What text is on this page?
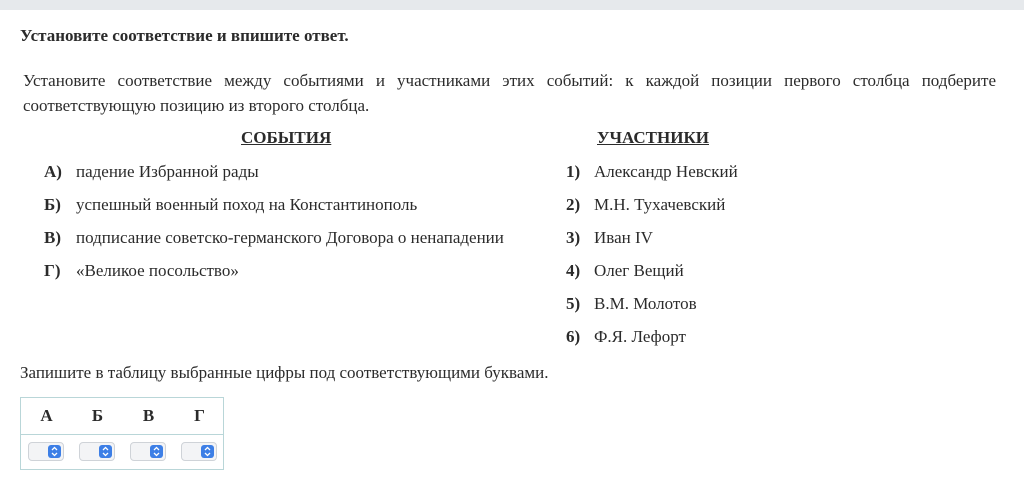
Установите соответствие и впишите ответ.
Установите соответствие между событиями и участниками этих событий: к каждой позиции первого столбца подберите соответствующую позицию из второго столбца.
СОБЫТИЯ	УЧАСТНИКИ
А) падение Избранной рады
Б) успешный военный поход на Константинополь
В) подписание советско-германского Договора о ненападении
Г) «Великое посольство»
1) Александр Невский
2) М.Н. Тухачевский
3) Иван IV
4) Олег Вещий
5) В.М. Молотов
6) Ф.Я. Лефорт
Запишите в таблицу выбранные цифры под соответствующими буквами.
А	Б	В	Г
